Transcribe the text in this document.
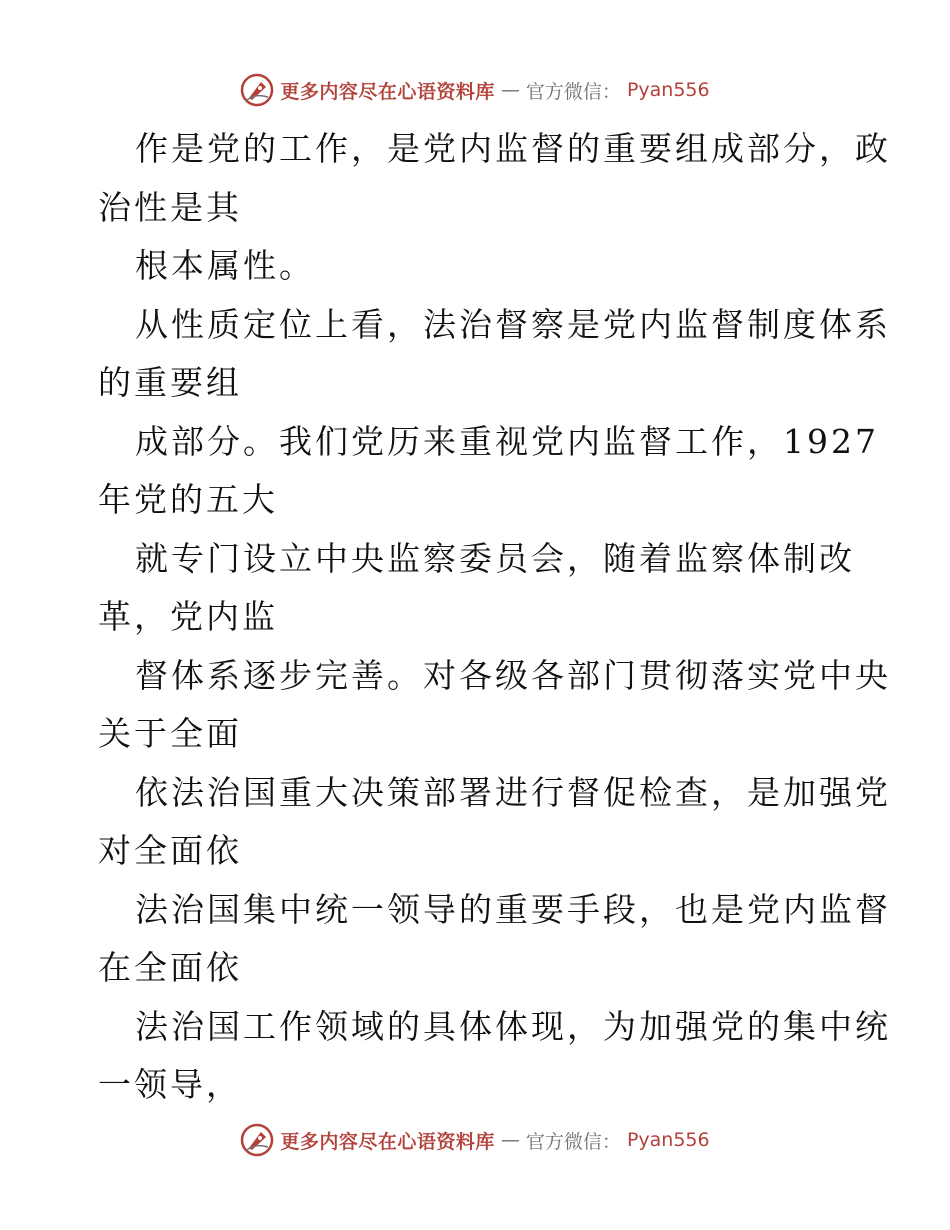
更多内容尽在心语资料库 — 官方微信： Pyan556
作是党的工作，是党内监督的重要组成部分，政
治性是其
根本属性。
从性质定位上看，法治督察是党内监督制度体系
的重要组
成部分。我们党历来重视党内监督工作，1927
年党的五大
就专门设立中央监察委员会，随着监察体制改
革，党内监
督体系逐步完善。对各级各部门贯彻落实党中央
关于全面
依法治国重大决策部署进行督促检查，是加强党
对全面依
法治国集中统一领导的重要手段，也是党内监督
在全面依
法治国工作领域的具体体现，为加强党的集中统
一领导，
更多内容尽在心语资料库 — 官方微信： Pyan556
